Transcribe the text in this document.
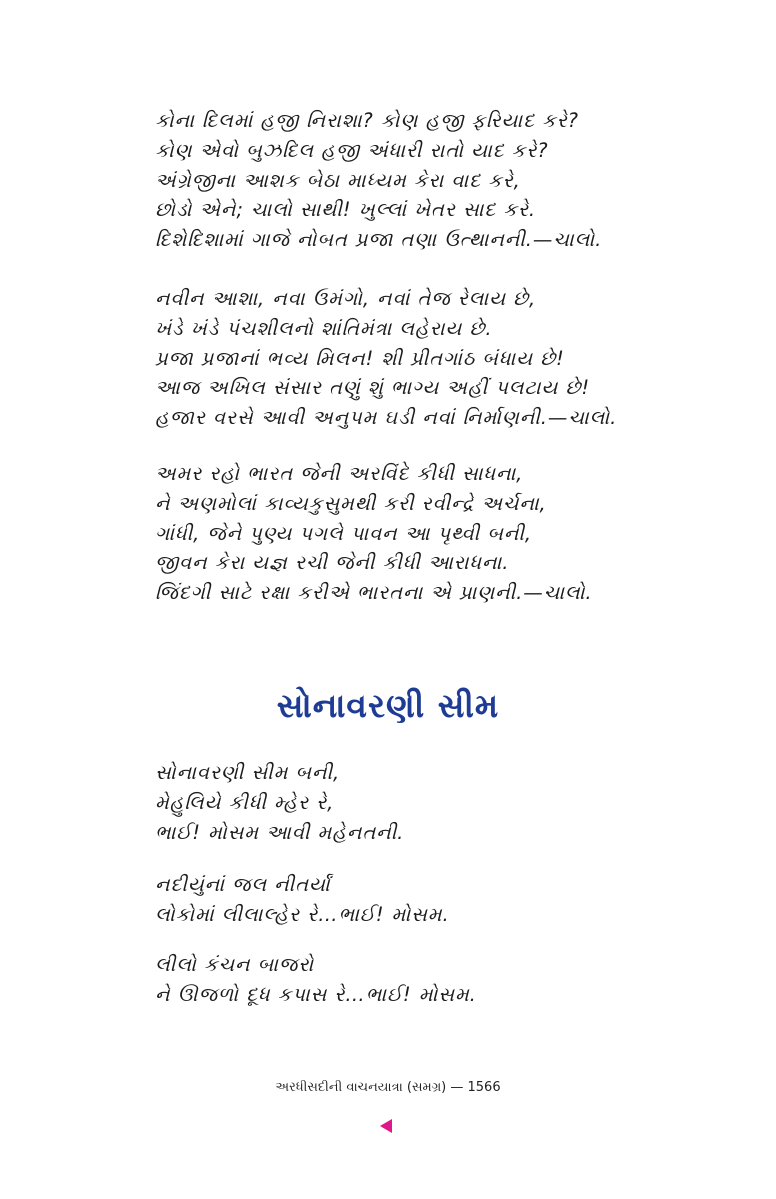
કોના દિલમાં હજી નિરાશા? કોણ હજી ફરિયાદ કરે?
કોણ એવો બુઝદિલ હજી અંધારી રાતો યાદ કરે?
અંગ્રેજીના આશક બેઠા માધ્યમ કેરા વાદ કરે,
છોડો એને; ચાલો સાથી! ખુલ્લાં ખેતર સાદ કરે.
દિશેદિશામાં ગાજે નોબત પ્રજા તણા ઉત્થાનની.—ચાલો.
નવીન આશા, નવા ઉમંગો, નવાં તેજ રેલાય છે,
ખંડે ખંડે પંચશીલનો શાંતિમંત્રા લહેરાય છે.
પ્રજા પ્રજાનાં ભવ્ય મિલન! શી પ્રીતગાંઠ બંધાય છે!
આજ અખિલ સંસાર તણું શું ભાગ્ય અહીં પલટાય છે!
હજાર વરસે આવી અનુપમ ઘડી નવાં નિર્માણની.—ચાલો.
અમર રહો ભારત જેની અરવિંદે કીધી સાધના,
ને અણમોલાં કાવ્યકુસુમથી કરી રવીન્દ્રે અર્ચના,
ગાંધી, જેને પુણ્ય પગલે પાવન આ પૃથ્વી બની,
જીવન કેરા યજ્ઞ રચી જેની કીધી આરાધના.
જિંદગી સાટે રક્ષા કરીએ ભારતના એ પ્રાણની.—ચાલો.
સોનાવરણી સીમ
સોનાવરણી સીમ બની,
મેહુલિયે કીધી મ્હેર રે,
ભાઈ! મોસમ આવી મહેનતની.
નદીયુંનાં જલ નીતર્યાં
લોકોમાં લીલાલ્હેર રે…ભાઈ! મોસમ.
લીલો કંચન બાજરો
ને ઊજળો દૂધ કપાસ રે…ભાઈ! મોસમ.
અરધીસદીની વાચનયાત્રા (સમગ્ર) — 1566
